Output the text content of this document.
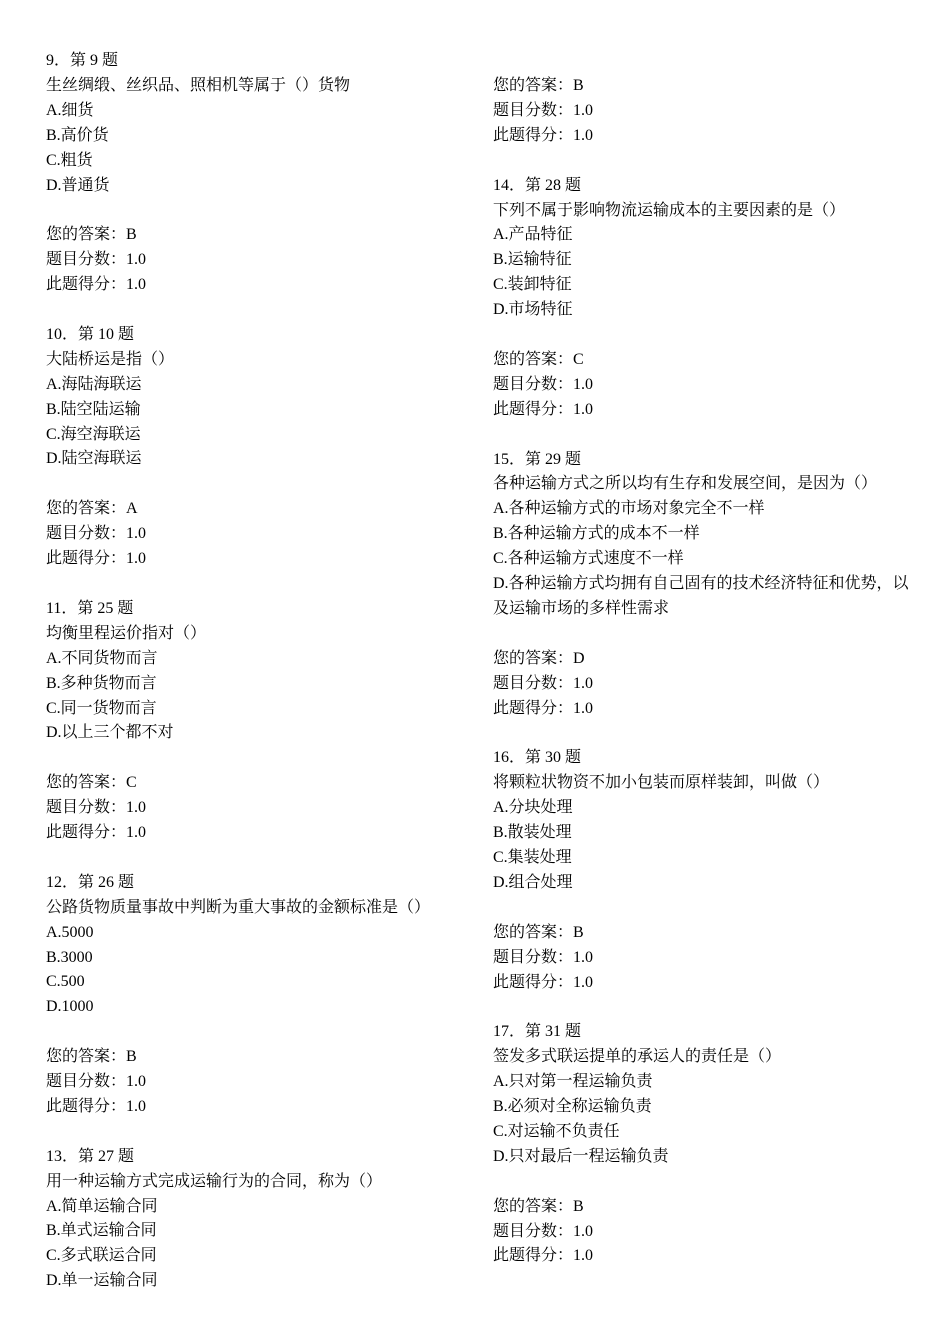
9．第 9 题
生丝绸缎、丝织品、照相机等属于（）货物
A.细货
B.高价货
C.粗货
D.普通货
您的答案：B
题目分数：1.0
此题得分：1.0
10．第 10 题
大陆桥运是指（）
A.海陆海联运
B.陆空陆运输
C.海空海联运
D.陆空海联运
您的答案：A
题目分数：1.0
此题得分：1.0
11．第 25 题
均衡里程运价指对（）
A.不同货物而言
B.多种货物而言
C.同一货物而言
D.以上三个都不对
您的答案：C
题目分数：1.0
此题得分：1.0
12．第 26 题
公路货物质量事故中判断为重大事故的金额标准是（）
A.5000
B.3000
C.500
D.1000
您的答案：B
题目分数：1.0
此题得分：1.0
13．第 27 题
用一种运输方式完成运输行为的合同，称为（）
A.简单运输合同
B.单式运输合同
C.多式联运合同
D.单一运输合同
您的答案：B
题目分数：1.0
此题得分：1.0
14．第 28 题
下列不属于影响物流运输成本的主要因素的是（）
A.产品特征
B.运输特征
C.装卸特征
D.市场特征
您的答案：C
题目分数：1.0
此题得分：1.0
15．第 29 题
各种运输方式之所以均有生存和发展空间，是因为（）
A.各种运输方式的市场对象完全不一样
B.各种运输方式的成本不一样
C.各种运输方式速度不一样
D.各种运输方式均拥有自己固有的技术经济特征和优势，以及运输市场的多样性需求
您的答案：D
题目分数：1.0
此题得分：1.0
16．第 30 题
将颗粒状物资不加小包装而原样装卸，叫做（）
A.分块处理
B.散装处理
C.集装处理
D.组合处理
您的答案：B
题目分数：1.0
此题得分：1.0
17．第 31 题
签发多式联运提单的承运人的责任是（）
A.只对第一程运输负责
B.必须对全称运输负责
C.对运输不负责任
D.只对最后一程运输负责
您的答案：B
题目分数：1.0
此题得分：1.0
